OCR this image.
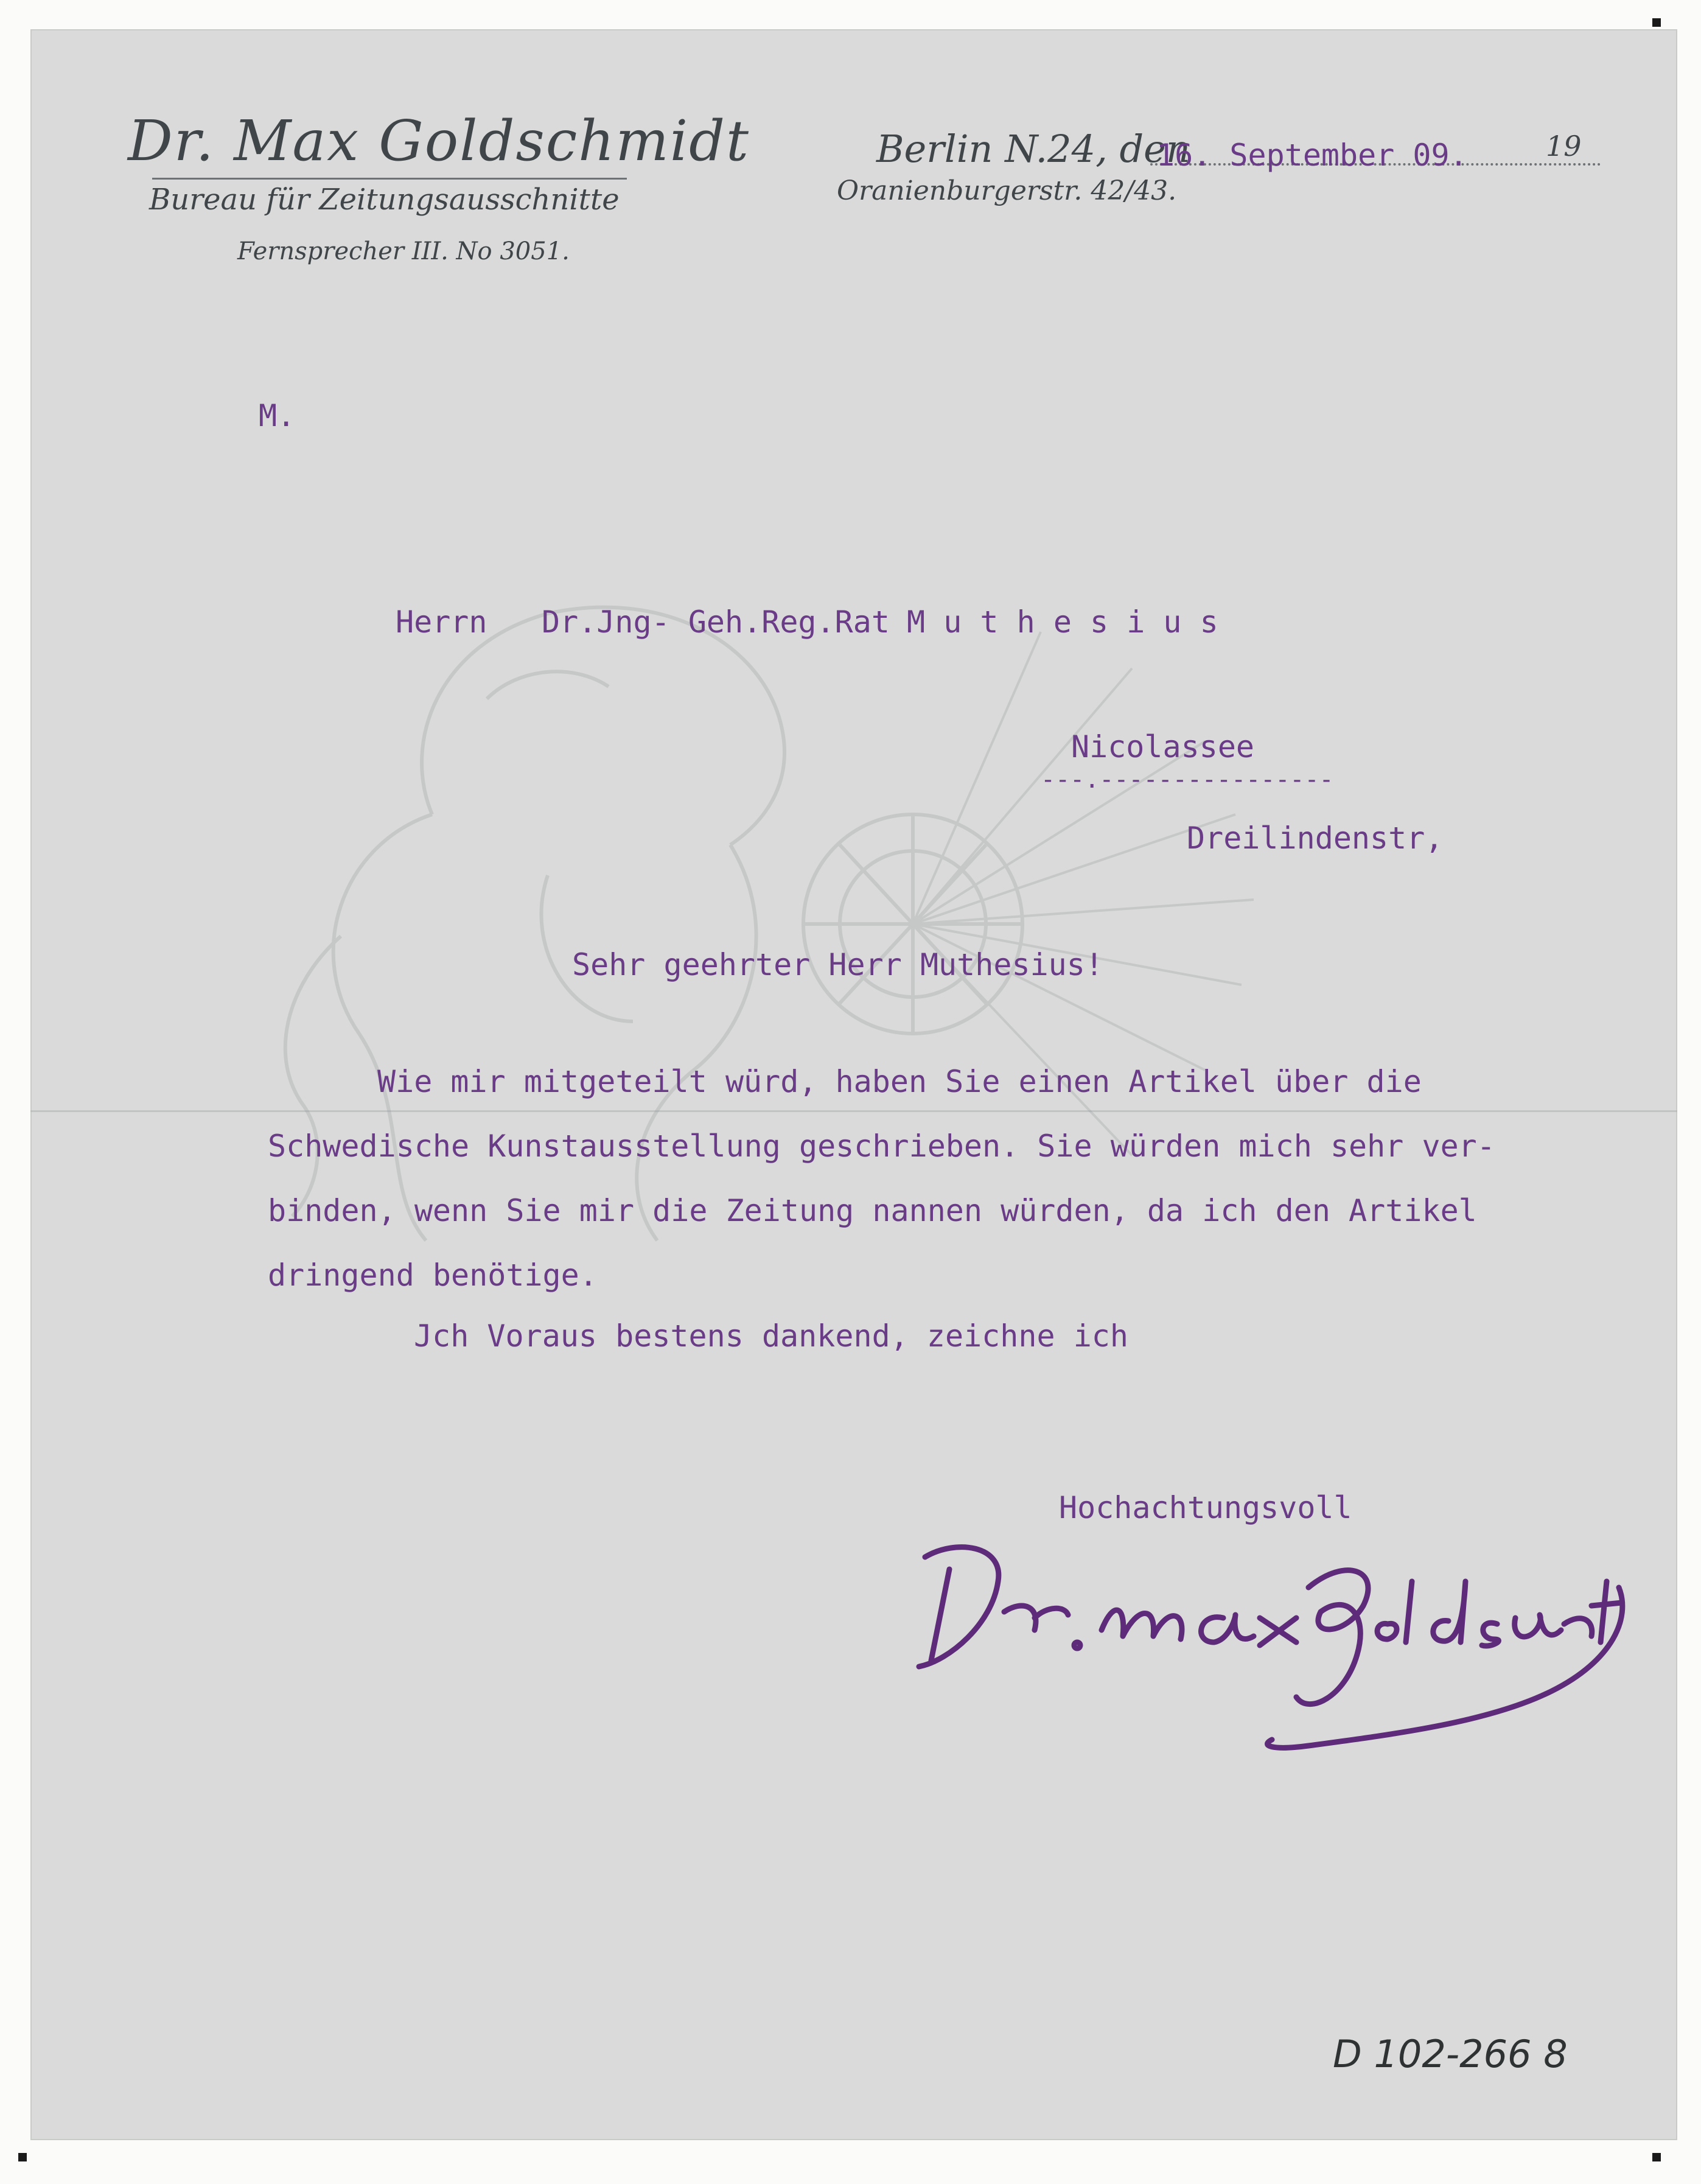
Dr. Max Goldschmidt
Bureau für Zeitungsausschnitte
Fernsprecher III. No 3051.
Berlin N.24, den
Oranienburgerstr. 42/43.
19
16. September 09.
M.
Herrn Dr.Jng- Geh.Reg.Rat M u t h e s i u s
Nicolassee
---.----------------
Dreilindenstr,
Sehr geehrter Herr Muthesius!
Wie mir mitgeteilt würd, haben Sie einen Artikel über die
Schwedische Kunstausstellung geschrieben. Sie würden mich sehr ver-
binden, wenn Sie mir die Zeitung nannen würden, da ich den Artikel
dringend benötige.
Jch Voraus bestens dankend, zeichne ich
Hochachtungsvoll
D 102-266 8
